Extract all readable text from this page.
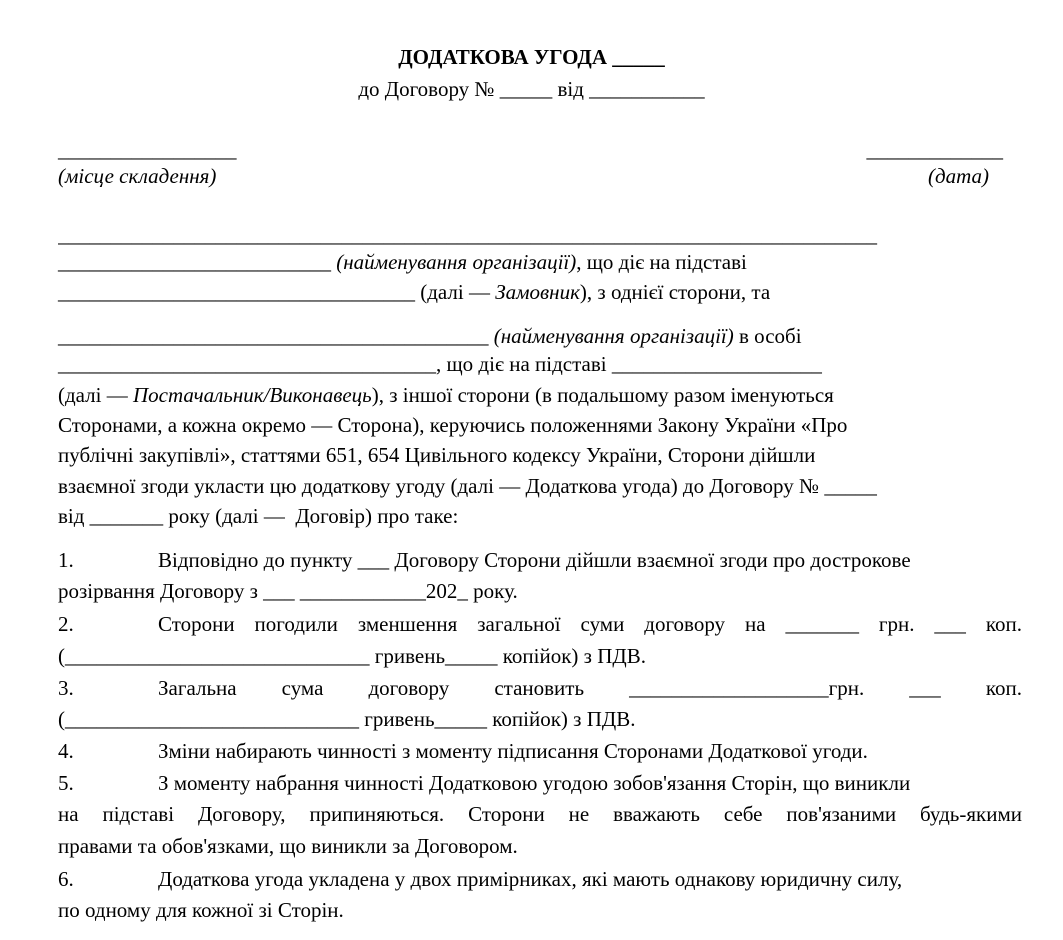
ДОДАТКОВА УГОДА _____
до Договору № _____ від ___________
_________________
(місце складення)
_____________
(дата)
______________________________________________________________________________
__________________________ (найменування організації), що діє на підставі
__________________________________ (далі — Замовник), з однієї сторони, та
_________________________________________ (найменування організації) в особі
____________________________________, що діє на підставі ____________________
(далі — Постачальник/Виконавець), з іншої сторони (в подальшому разом іменуються
Сторонами, а кожна окремо — Сторона), керуючись положеннями Закону України «Про
публічні закупівлі», статтями 651, 654 Цивільного кодексу України, Сторони дійшли
взаємної згоди укласти цю додаткову угоду (далі — Додаткова угода) до Договору № _____
від _______ року (далі —  Договір) про таке:
1.	Відповідно до пункту ___ Договору Сторони дійшли взаємної згоди про дострокове
розірвання Договору з ___ ____________202_ року.
2.	Сторони погодили зменшення загальної суми договору на _______ грн. ___ коп.
(_____________________________ гривень_____ копійок) з ПДВ.
3.	Загальна сума договору становить ___________________грн. ___ коп.
(____________________________ гривень_____ копійок) з ПДВ.
4.	Зміни набирають чинності з моменту підписання Сторонами Додаткової угоди.
5.	З моменту набрання чинності Додатковою угодою зобов'язання Сторін, що виникли
на підставі Договору, припиняються. Сторони не вважають себе пов'язаними будь-якими
правами та обов'язками, що виникли за Договором.
6.	Додаткова угода укладена у двох примірниках, які мають однакову юридичну силу,
по одному для кожної зі Сторін.
